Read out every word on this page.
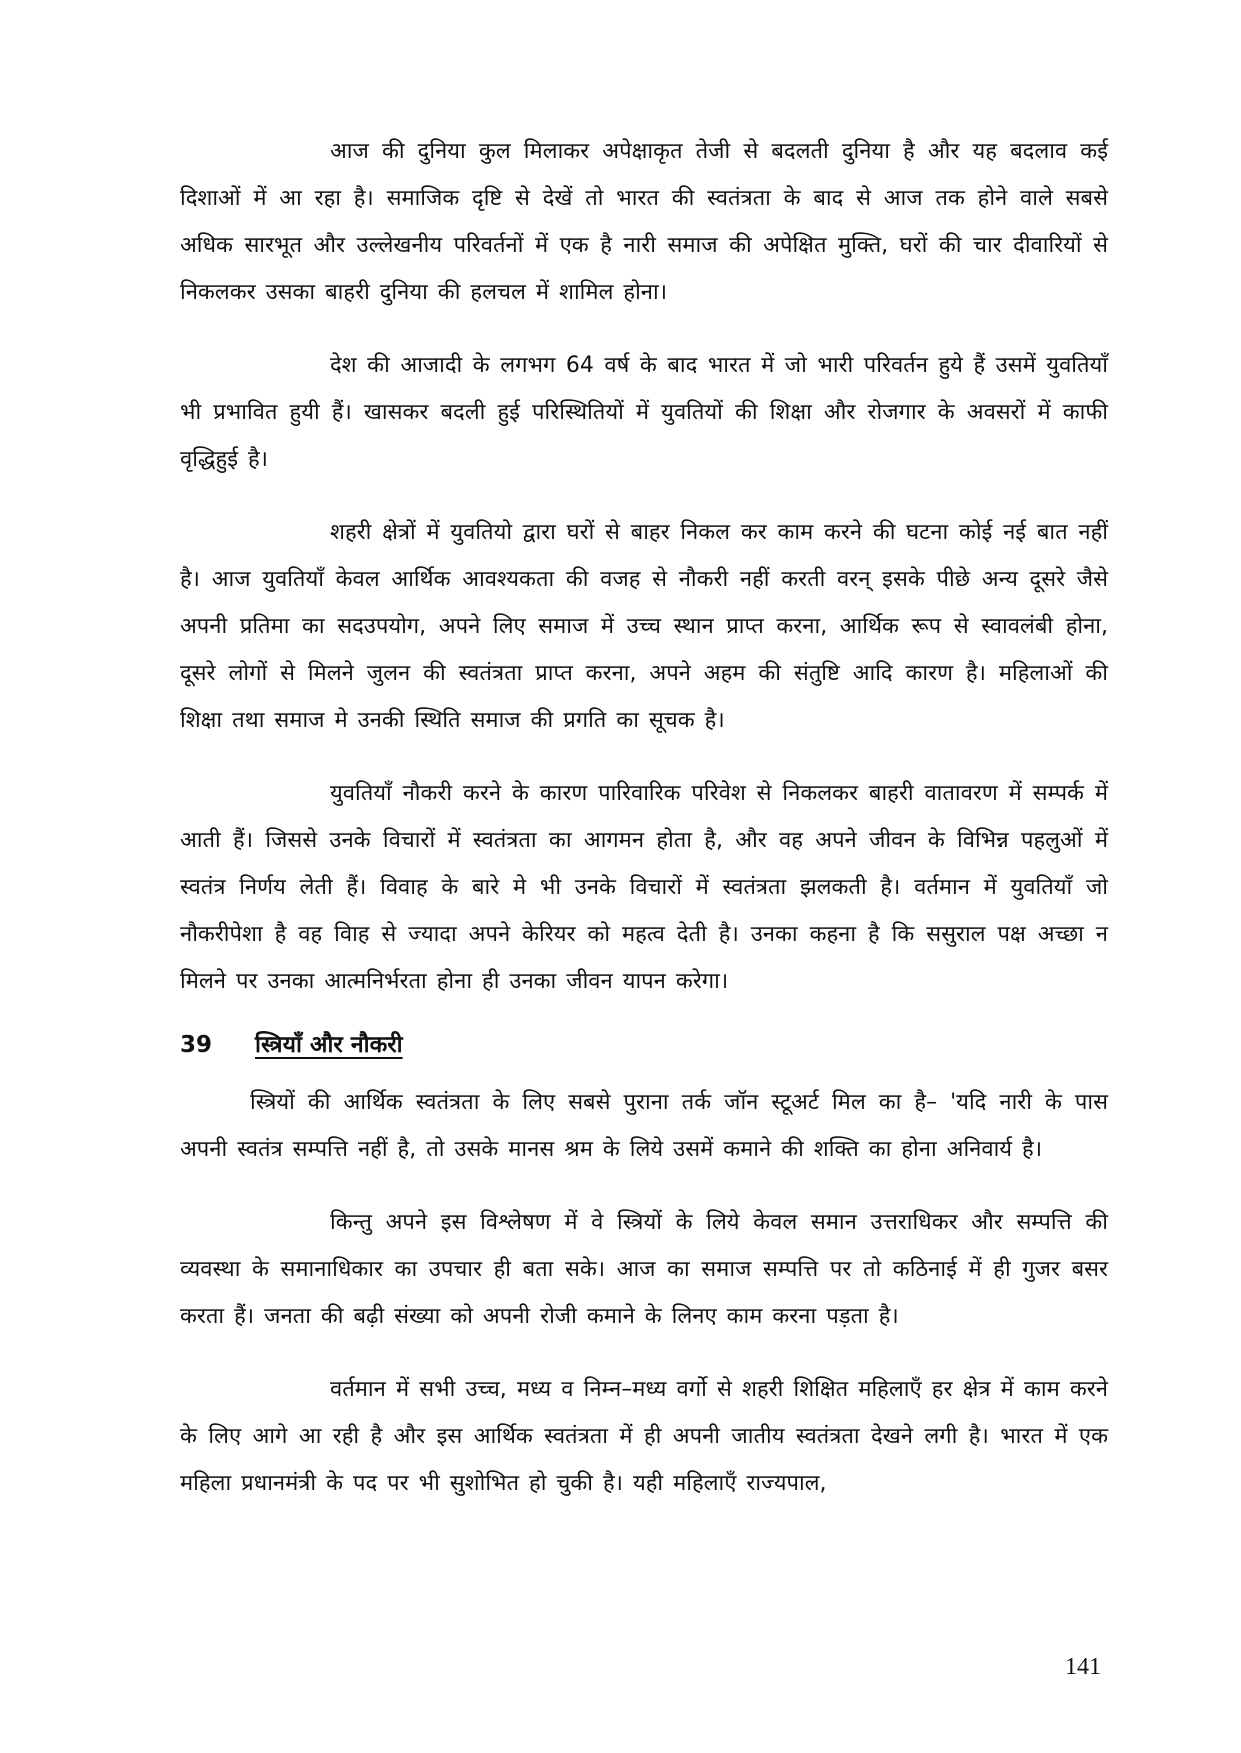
आज की दुनिया कुल मिलाकर अपेक्षाकृत तेजी से बदलती दुनिया है और यह बदलाव कई दिशाओं में आ रहा है। समाजिक दृष्टि से देखें तो भारत की स्वतंत्रता के बाद से आज तक होने वाले सबसे अधिक सारभूत और उल्लेखनीय परिवर्तनों में एक है नारी समाज की अपेक्षित मुक्ति, घरों की चार दीवारियों से निकलकर उसका बाहरी दुनिया की हलचल में शामिल होना।

देश की आजादी के लगभग 64 वर्ष के बाद भारत में जो भारी परिवर्तन हुये हैं उसमें युवतियाँ भी प्रभावित हुयी हैं। खासकर बदली हुई परिस्थितियों में युवतियों की शिक्षा और रोजगार के अवसरों में काफी वृद्धिहुई है।

शहरी क्षेत्रों में युवतियो द्वारा घरों से बाहर निकल कर काम करने की घटना कोई नई बात नहीं है। आज युवतियाँ केवल आर्थिक आवश्यकता की वजह से नौकरी नहीं करती वरन् इसके पीछे अन्य दूसरे जैसे अपनी प्रतिमा का सदउपयोग, अपने लिए समाज में उच्च स्थान प्राप्त करना, आर्थिक रूप से स्वावलंबी होना, दूसरे लोगों से मिलने जुलन की स्वतंत्रता प्राप्त करना, अपने अहम की संतुष्टि आदि कारण है। महिलाओं की शिक्षा तथा समाज मे उनकी स्थिति समाज की प्रगति का सूचक है।

युवतियाँ नौकरी करने के कारण पारिवारिक परिवेश से निकलकर बाहरी वातावरण में सम्पर्क में आती हैं। जिससे उनके विचारों में स्वतंत्रता का आगमन होता है, और वह अपने जीवन के विभिन्न पहलुओं में स्वतंत्र निर्णय लेती हैं। विवाह के बारे मे भी उनके विचारों में स्वतंत्रता झलकती है। वर्तमान में युवतियाँ जो नौकरीपेशा है वह विाह से ज्यादा अपने केरियर को महत्व देती है। उनका कहना है कि ससुराल पक्ष अच्छा न मिलने पर उनका आत्मनिर्भरता होना ही उनका जीवन यापन करेगा।

39	स्त्रियाँ और नौकरी

स्त्रियों की आर्थिक स्वतंत्रता के लिए सबसे पुराना तर्क जॉन स्टूअर्ट मिल का है– 'यदि नारी के पास अपनी स्वतंत्र सम्पत्ति नहीं है, तो उसके मानस श्रम के लिये उसमें कमाने की शक्ति का होना अनिवार्य है।

किन्तु अपने इस विश्लेषण में वे स्त्रियों के लिये केवल समान उत्तराधिकर और सम्पत्ति की व्यवस्था के समानाधिकार का उपचार ही बता सके। आज का समाज सम्पत्ति पर तो कठिनाई में ही गुजर बसर करता हैं। जनता की बढ़ी संख्या को अपनी रोजी कमाने के लिनए काम करना पड़ता है।

वर्तमान में सभी उच्च, मध्य व निम्न–मध्य वर्गो से शहरी शिक्षित महिलाएँ हर क्षेत्र में काम करने के लिए आगे आ रही है और इस आर्थिक स्वतंत्रता में ही अपनी जातीय स्वतंत्रता देखने लगी है। भारत में एक महिला प्रधानमंत्री के पद पर भी सुशोभित हो चुकी है। यही महिलाएँ राज्यपाल,

141
